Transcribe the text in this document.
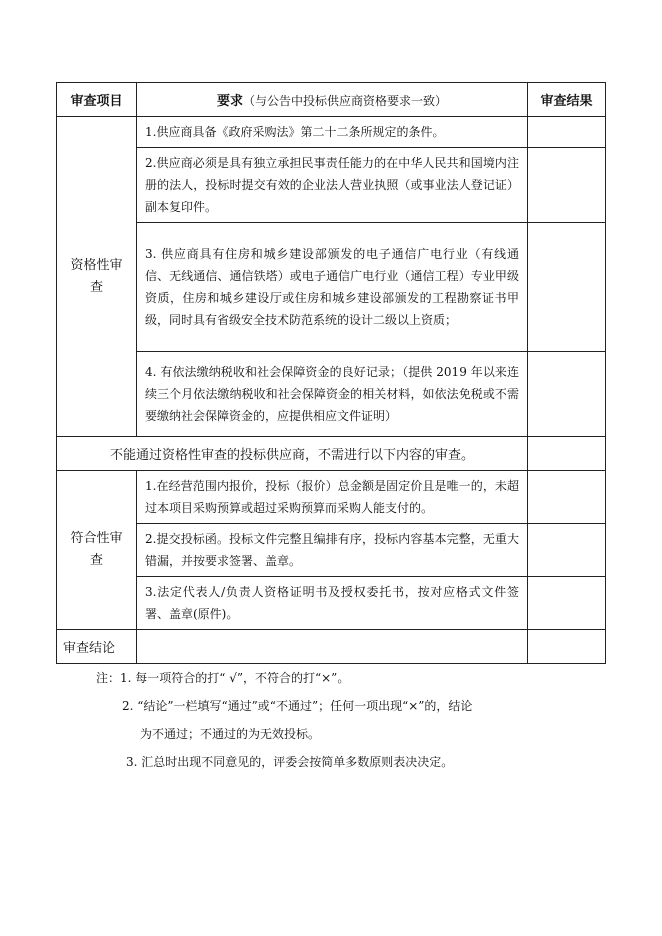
审查项目	要求（与公告中投标供应商资格要求一致）	审查结果
资格性审
查	1.供应商具备《政府采购法》第二十二条所规定的条件。	
	2.供应商必须是具有独立承担民事责任能力的在中华人民共和国境内注册的法人，投标时提交有效的企业法人营业执照（或事业法人登记证）副本复印件。	
	3. 供应商具有住房和城乡建设部颁发的电子通信广电行业（有线通信、无线通信、通信铁塔）或电子通信广电行业（通信工程）专业甲级资质，住房和城乡建设厅或住房和城乡建设部颁发的工程勘察证书甲级，同时具有省级安全技术防范系统的设计二级以上资质；	
	4. 有依法缴纳税收和社会保障资金的良好记录；（提供 2019 年以来连续三个月依法缴纳税收和社会保障资金的相关材料，如依法免税或不需要缴纳社会保障资金的，应提供相应文件证明）	
不能通过资格性审查的投标供应商，不需进行以下内容的审查。		
符合性审
查	1.在经营范围内报价，投标（报价）总金额是固定价且是唯一的，未超过本项目采购预算或超过采购预算而采购人能支付的。	
	2.提交投标函。投标文件完整且编排有序，投标内容基本完整，无重大错漏，并按要求签署、盖章。	
	3.法定代表人/负责人资格证明书及授权委托书，按对应格式文件签署、盖章(原件)。	
审查结论		
注：1. 每一项符合的打“ √”，不符合的打“×”。
2. “结论”一栏填写“通过”或“不通过”；任何一项出现“×”的，结论
为不通过；不通过的为无效投标。
3. 汇总时出现不同意见的，评委会按简单多数原则表决决定。
